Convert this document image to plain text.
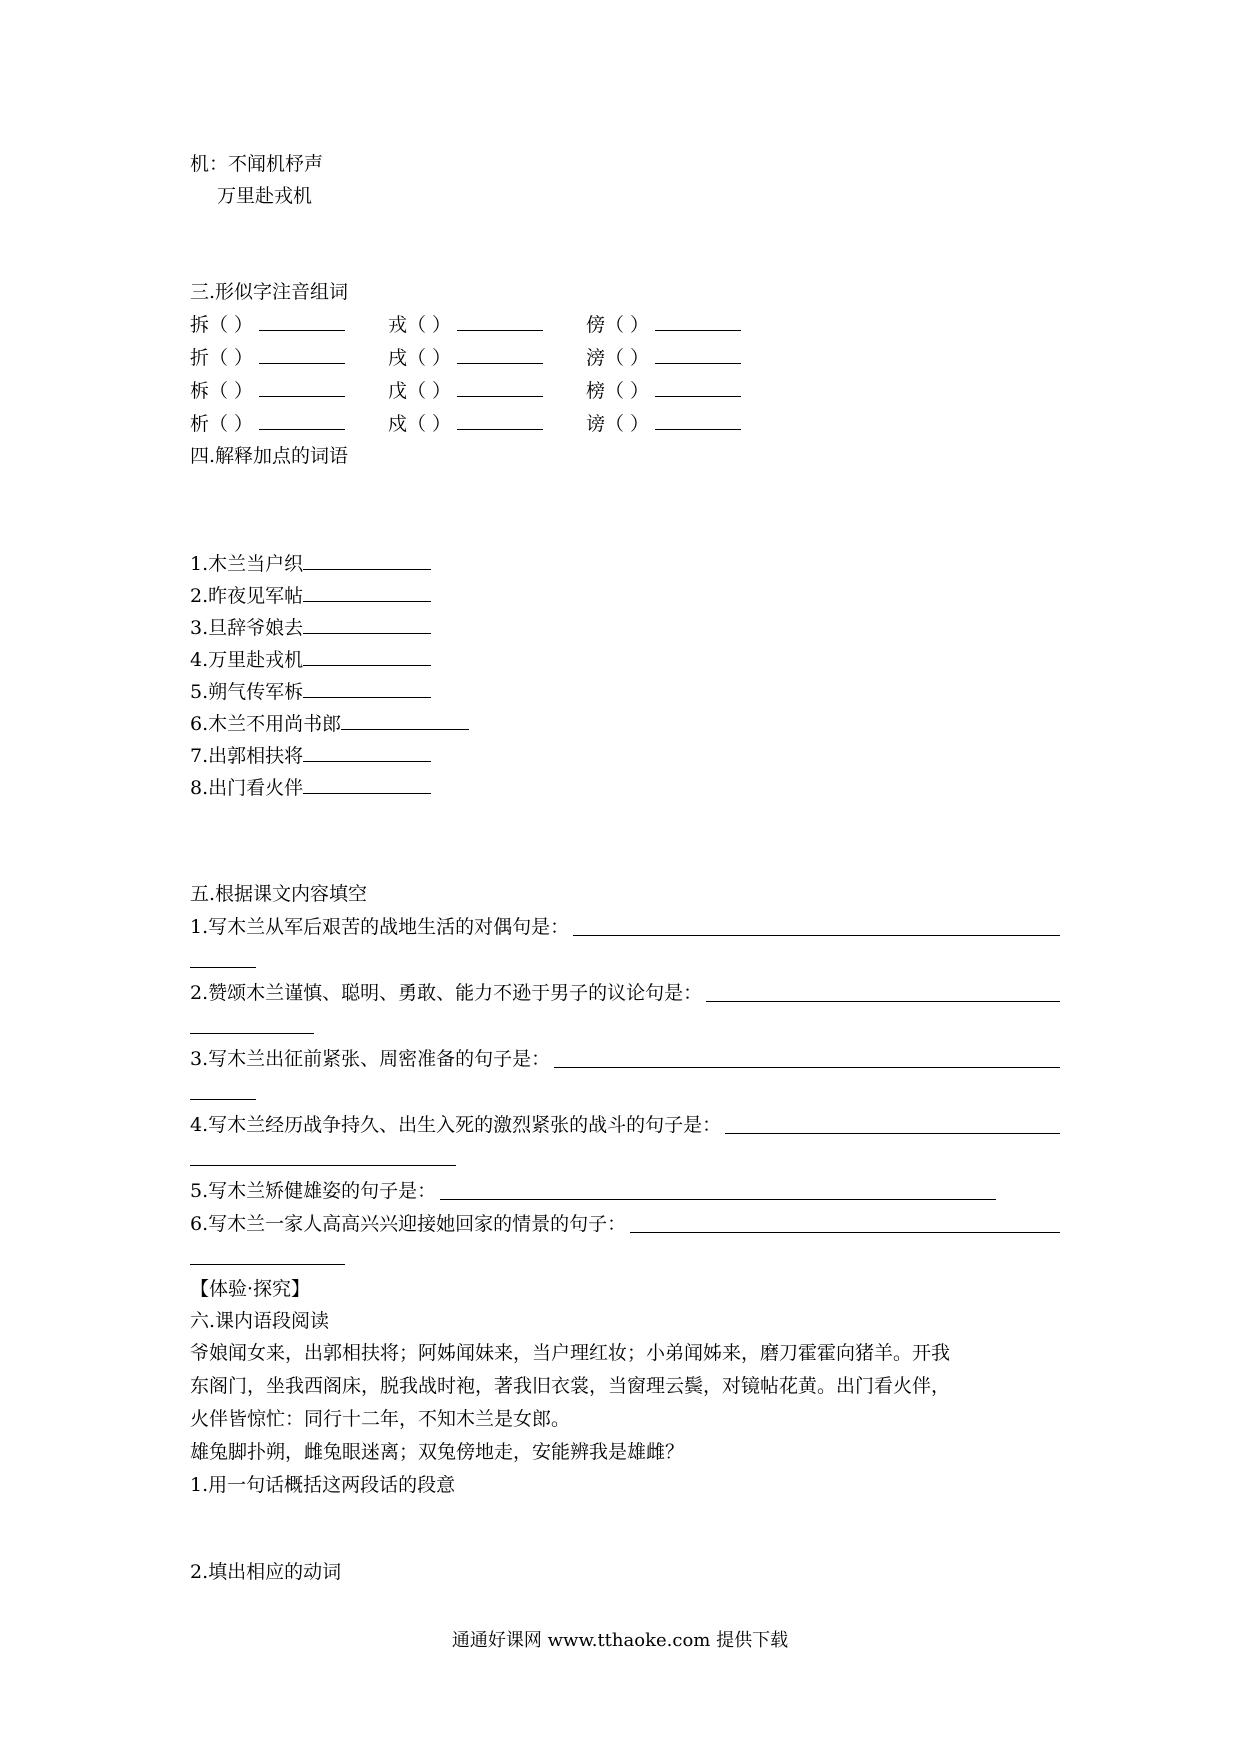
机：不闻机杼声
万里赴戎机
三.形似字注音组词
拆（ ）	戎（ ）	傍（ ）
折（ ）	戌（ ）	滂（ ）
柝（ ）	戊（ ）	榜（ ）
析（ ）	戍（ ）	谤（ ）
四.解释加点的词语
1.木兰当户织
2.昨夜见军帖
3.旦辞爷娘去
4.万里赴戎机
5.朔气传军柝
6.木兰不用尚书郎
7.出郭相扶将
8.出门看火伴
五.根据课文内容填空
1.写木兰从军后艰苦的战地生活的对偶句是：
2.赞颂木兰谨慎、聪明、勇敢、能力不逊于男子的议论句是：
3.写木兰出征前紧张、周密准备的句子是：
4.写木兰经历战争持久、出生入死的激烈紧张的战斗的句子是：
5.写木兰矫健雄姿的句子是：
6.写木兰一家人高高兴兴迎接她回家的情景的句子：
【体验·探究】
六.课内语段阅读
爷娘闻女来，出郭相扶将；阿姊闻妹来，当户理红妆；小弟闻姊来，磨刀霍霍向猪羊。开我
东阁门，坐我西阁床，脱我战时袍，著我旧衣裳，当窗理云鬓，对镜帖花黄。出门看火伴，
火伴皆惊忙：同行十二年，不知木兰是女郎。
雄兔脚扑朔，雌兔眼迷离；双兔傍地走，安能辨我是雄雌？
1.用一句话概括这两段话的段意
2.填出相应的动词
通通好课网 www.tthaoke.com 提供下载
